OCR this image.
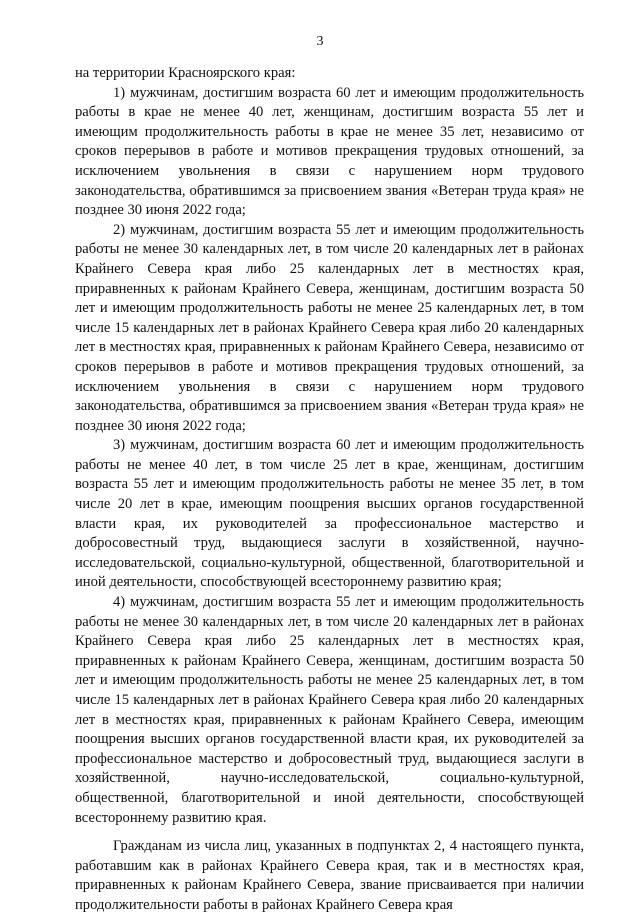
3

на территории Красноярского края:

1) мужчинам, достигшим возраста 60 лет и имеющим продолжительность работы в крае не менее 40 лет, женщинам, достигшим возраста 55 лет и имеющим продолжительность работы в крае не менее 35 лет, независимо от сроков перерывов в работе и мотивов прекращения трудовых отношений, за исключением увольнения в связи с нарушением норм трудового законодательства, обратившимся за присвоением звания «Ветеран труда края» не позднее 30 июня 2022 года;

2) мужчинам, достигшим возраста 55 лет и имеющим продолжительность работы не менее 30 календарных лет, в том числе 20 календарных лет в районах Крайнего Севера края либо 25 календарных лет в местностях края, приравненных к районам Крайнего Севера, женщинам, достигшим возраста 50 лет и имеющим продолжительность работы не менее 25 календарных лет, в том числе 15 календарных лет в районах Крайнего Севера края либо 20 календарных лет в местностях края, приравненных к районам Крайнего Севера, независимо от сроков перерывов в работе и мотивов прекращения трудовых отношений, за исключением увольнения в связи с нарушением норм трудового законодательства, обратившимся за присвоением звания «Ветеран труда края» не позднее 30 июня 2022 года;

3) мужчинам, достигшим возраста 60 лет и имеющим продолжительность работы не менее 40 лет, в том числе 25 лет в крае, женщинам, достигшим возраста 55 лет и имеющим продолжительность работы не менее 35 лет, в том числе 20 лет в крае, имеющим поощрения высших органов государственной власти края, их руководителей за профессиональное мастерство и добросовестный труд, выдающиеся заслуги в хозяйственной, научно-исследовательской, социально-культурной, общественной, благотворительной и иной деятельности, способствующей всестороннему развитию края;

4) мужчинам, достигшим возраста 55 лет и имеющим продолжительность работы не менее 30 календарных лет, в том числе 20 календарных лет в районах Крайнего Севера края либо 25 календарных лет в местностях края, приравненных к районам Крайнего Севера, женщинам, достигшим возраста 50 лет и имеющим продолжительность работы не менее 25 календарных лет, в том числе 15 календарных лет в районах Крайнего Севера края либо 20 календарных лет в местностях края, приравненных к районам Крайнего Севера, имеющим поощрения высших органов государственной власти края, их руководителей за профессиональное мастерство и добросовестный труд, выдающиеся заслуги в хозяйственной, научно-исследовательской, социально-культурной, общественной, благотворительной и иной деятельности, способствующей всестороннему развитию края.

Гражданам из числа лиц, указанных в подпунктах 2, 4 настоящего пункта, работавшим как в районах Крайнего Севера края, так и в местностях края, приравненных к районам Крайнего Севера, звание присваивается при наличии продолжительности работы в районах Крайнего Севера края
